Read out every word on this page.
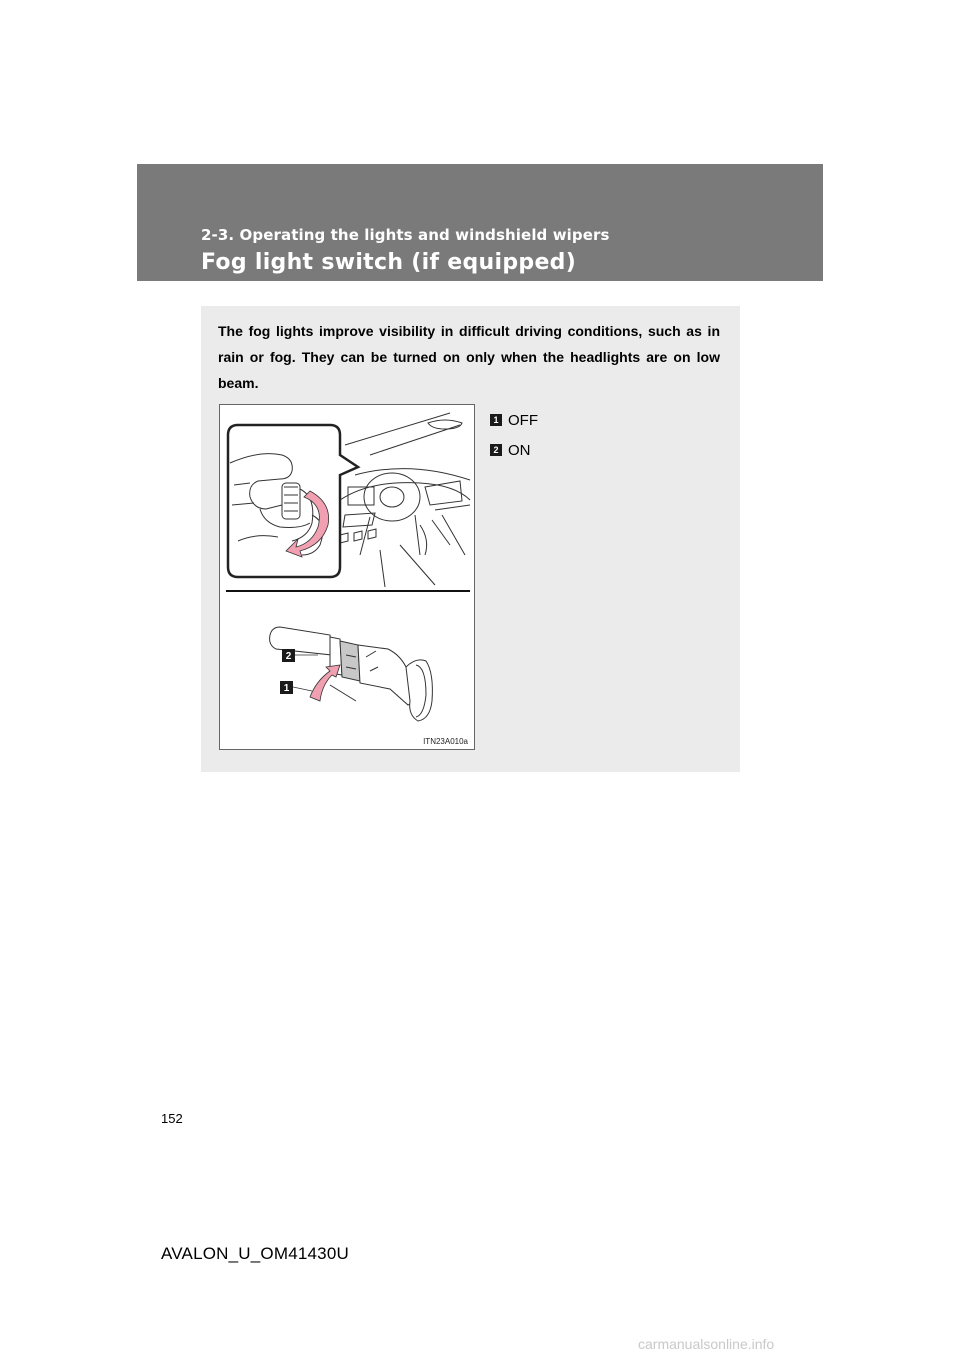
2-3. Operating the lights and windshield wipers
Fog light switch (if equipped)

The fog lights improve visibility in difficult driving conditions, such as in rain or fog. They can be turned on only when the headlights are on low beam.

2
1
ITN23A010a
1 OFF
2 ON
152
AVALON_U_OM41430U
carmanualsonline.info
